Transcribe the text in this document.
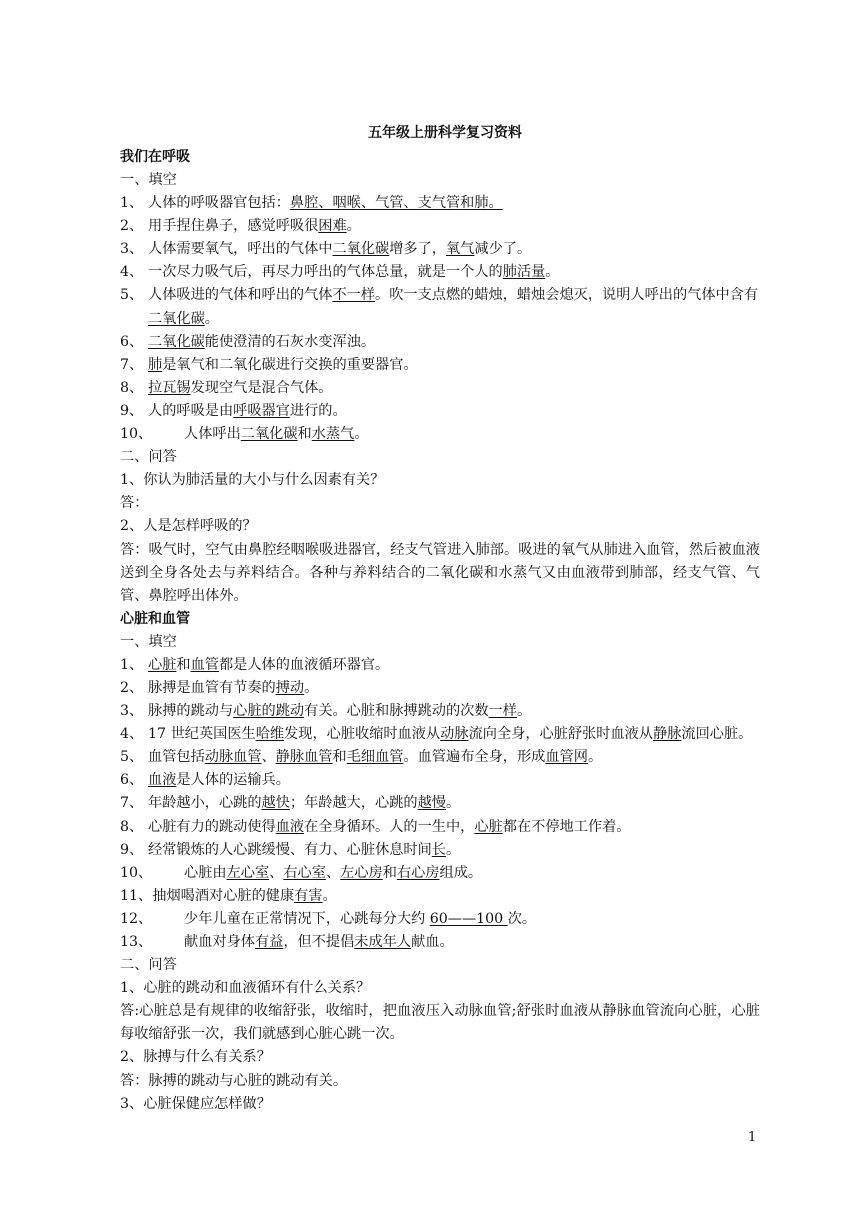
五年级上册科学复习资料
我们在呼吸
一、填空
1、 人体的呼吸器官包括：鼻腔、咽喉、气管、支气管和肺。
2、 用手捏住鼻子，感觉呼吸很困难。
3、 人体需要氧气，呼出的气体中二氧化碳增多了，氧气减少了。
4、 一次尽力吸气后，再尽力呼出的气体总量，就是一个人的肺活量。
5、 人体吸进的气体和呼出的气体不一样。吹一支点燃的蜡烛，蜡烛会熄灭，说明人呼出的气体中含有二氧化碳。
6、 二氧化碳能使澄清的石灰水变浑浊。
7、 肺是氧气和二氧化碳进行交换的重要器官。
8、 拉瓦锡发现空气是混合气体。
9、 人的呼吸是由呼吸器官进行的。
10、	人体呼出二氧化碳和水蒸气。
二、问答
1、你认为肺活量的大小与什么因素有关？
答：
2、人是怎样呼吸的？
答：吸气时，空气由鼻腔经咽喉吸进器官，经支气管进入肺部。吸进的氧气从肺进入血管，然后被血液送到全身各处去与养料结合。各种与养料结合的二氧化碳和水蒸气又由血液带到肺部，经支气管、气管、鼻腔呼出体外。
心脏和血管
一、填空
1、 心脏和血管都是人体的血液循环器官。
2、 脉搏是血管有节奏的搏动。
3、 脉搏的跳动与心脏的跳动有关。心脏和脉搏跳动的次数一样。
4、 17 世纪英国医生哈维发现，心脏收缩时血液从动脉流向全身，心脏舒张时血液从静脉流回心脏。
5、 血管包括动脉血管、静脉血管和毛细血管。血管遍布全身，形成血管网。
6、 血液是人体的运输兵。
7、 年龄越小，心跳的越快；年龄越大，心跳的越慢。
8、 心脏有力的跳动使得血液在全身循环。人的一生中，心脏都在不停地工作着。
9、 经常锻炼的人心跳缓慢、有力、心脏休息时间长。
10、	心脏由左心室、右心室、左心房和右心房组成。
11、 抽烟喝酒对心脏的健康有害。
12、	少年儿童在正常情况下，心跳每分大约 60——100 次。
13、	献血对身体有益，但不提倡未成年人献血。
二、问答
1、心脏的跳动和血液循环有什么关系？
答:心脏总是有规律的收缩舒张，收缩时，把血液压入动脉血管;舒张时血液从静脉血管流向心脏，心脏每收缩舒张一次，我们就感到心脏心跳一次。
2、脉搏与什么有关系？
答：脉搏的跳动与心脏的跳动有关。
3、心脏保健应怎样做？
1
